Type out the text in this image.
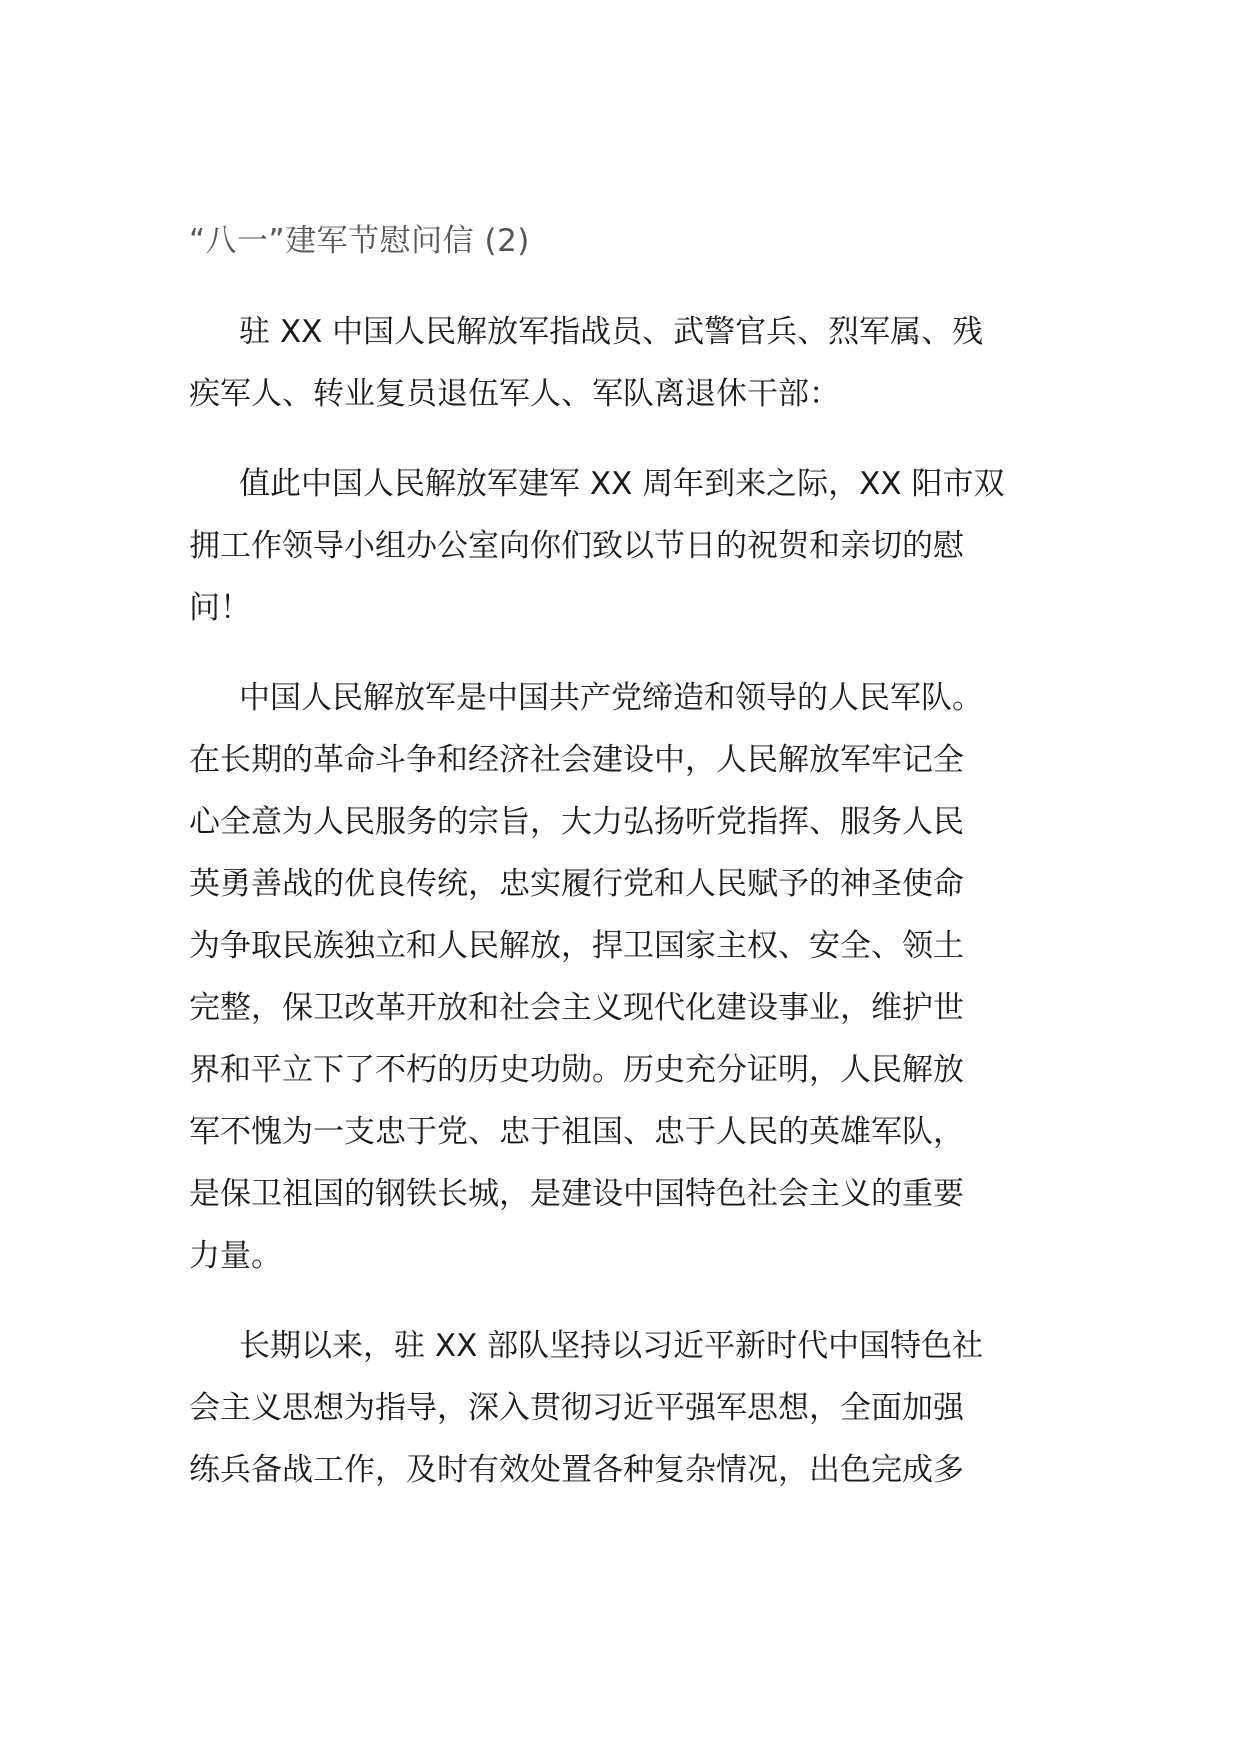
“八一”建军节慰问信 (2)
驻 XX 中国人民解放军指战员、武警官兵、烈军属、残
疾军人、转业复员退伍军人、军队离退休干部：
值此中国人民解放军建军 XX 周年到来之际，XX 阳市双
拥工作领导小组办公室向你们致以节日的祝贺和亲切的慰
问！
中国人民解放军是中国共产党缔造和领导的人民军队。
在长期的革命斗争和经济社会建设中，人民解放军牢记全
心全意为人民服务的宗旨，大力弘扬听党指挥、服务人民
英勇善战的优良传统，忠实履行党和人民赋予的神圣使命
为争取民族独立和人民解放，捍卫国家主权、安全、领土
完整，保卫改革开放和社会主义现代化建设事业，维护世
界和平立下了不朽的历史功勋。历史充分证明，人民解放
军不愧为一支忠于党、忠于祖国、忠于人民的英雄军队，
是保卫祖国的钢铁长城，是建设中国特色社会主义的重要
力量。
长期以来，驻 XX 部队坚持以习近平新时代中国特色社
会主义思想为指导，深入贯彻习近平强军思想，全面加强
练兵备战工作，及时有效处置各种复杂情况，出色完成多
